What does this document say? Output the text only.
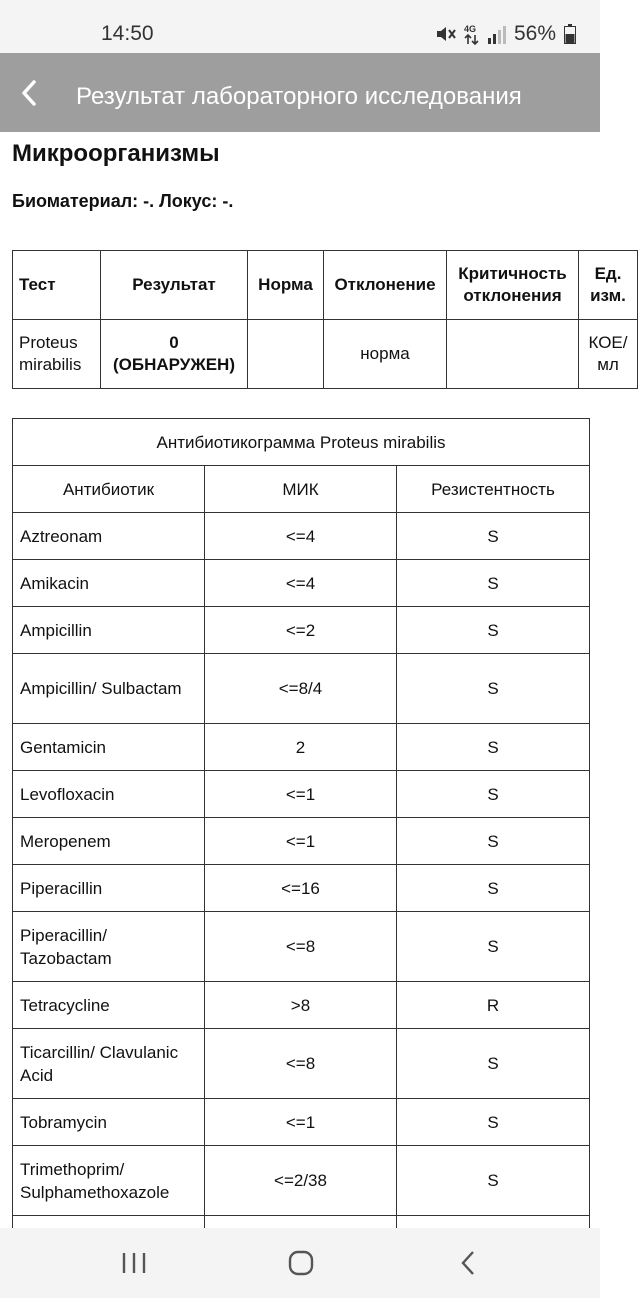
14:50	4G 56%
Результат лабораторного исследования
Микроорганизмы
Биоматериал: -. Локус: -.
Тест	Результат	Норма	Отклонение	Критичность отклонения	Ед. изм.
Proteus mirabilis	0 (ОБНАРУЖЕН)		норма		КОЕ/мл
Антибиотикограмма Proteus mirabilis		
Антибиотик	МИК	Резистентность
Aztreonam	<=4	S
Amikacin	<=4	S
Ampicillin	<=2	S
Ampicillin/ Sulbactam	<=8/4	S
Gentamicin	2	S
Levofloxacin	<=1	S
Meropenem	<=1	S
Piperacillin	<=16	S
Piperacillin/ Tazobactam	<=8	S
Tetracycline	>8	R
Ticarcillin/ Clavulanic Acid	<=8	S
Tobramycin	<=1	S
Trimethoprim/ Sulphamethoxazole	<=2/38	S
